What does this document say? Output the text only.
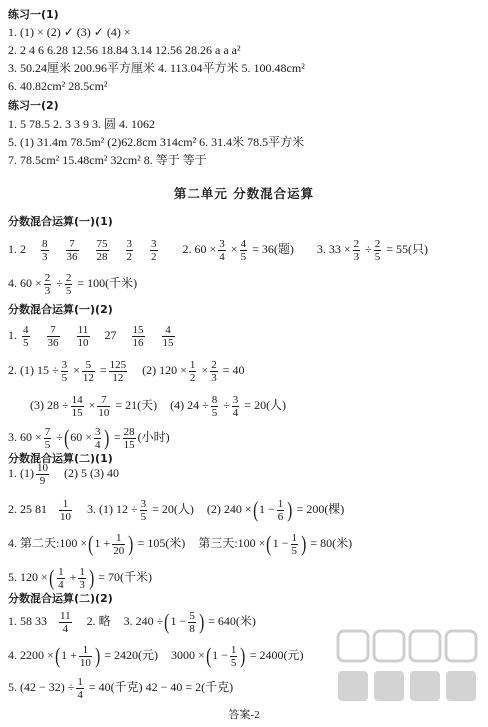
练习一(1)
1. (1) × (2) ✓ (3) ✓ (4) ×
2. 2 4 6 6.28 12.56 18.84 3.14 12.56 28.26 a a a²
3. 50.24厘米 200.96平方厘米 4. 113.04平方米 5. 100.48cm²
6. 40.82cm² 28.5cm²
练习一(2)
1. 5 78.5 2. 3 3 9 3. 圆 4. 1062
5. (1) 31.4m 78.5m² (2)62.8cm 314cm² 6. 31.4米 78.5平方米
7. 78.5cm² 15.48cm² 32cm² 8. 等于 等于
第二单元 分数混合运算
分数混合运算(一)(1)
1. $2 \frac{8}{3}$
$\frac{7}{36}$
$\frac{75}{28}$
$\frac{3}{2}$
$\frac{3}{2} 2$. $60 \times \frac{3}{4} \times \frac{4}{5} = 36$(题) 3. $33 \times \frac{2}{3} \div \frac{2}{5} = 55$(只)
4. $60 \times \frac{2}{3} \div \frac{2}{5} = 100$(千米)
分数混合运算(一)(2)
1. $\frac{4}{5}$
$\frac{7}{36}$
$\frac{11}{10} 27 \frac{15}{16}$
$\frac{4}{15}$
2. (1) $15 \div \frac{3}{5} \times \frac{5}{12} = \frac{125}{12} (2) 120 \times \frac{1}{2} \times \frac{2}{3} = 40$
(3) $28 \div \frac{14}{15} \times \frac{7}{10} = 21$(天) (4) $24 \div \frac{8}{5} \div \frac{3}{4} = 20$(人)
3. $60 \times \frac{7}{5} \div(60 \times \frac{3}{4}$ ) = $\frac{28}{15}$ (小时)
分数混合运算(二)(1)
1. $(1) \frac{10}{9} (2)$ 5 (3) 40
2. 25 $81 \frac{1}{10} 3$. (1) $12 \div \frac{3}{5} = 20$(人) (2) $240 \times(1 - \frac{1}{6}$ ) = 200(棵)
4. 第二天:100 $\times(1 + \frac{1}{20}$ ) = 105(米) 第三天:100 $\times(1 - \frac{1}{5}$ ) = 80(米)
5. 120 ×( $\frac{1}{4} + \frac{1}{3}$ ) = 70(千米)
分数混合运算(二)(2)
1. 58 $33 \frac{11}{4} 2$. 略 3. $240 \div(1 - \frac{5}{8}$ ) = 640(米)
4. $2200 \times(1 + \frac{1}{10}$ ) = 2420(元) $3000 \times(1 - \frac{1}{5}$ ) = 2400(元)
5. $(42 - 32) \div \frac{1}{4} = 40$(千克) 42 − 40 = 2(千克)
答案-2
